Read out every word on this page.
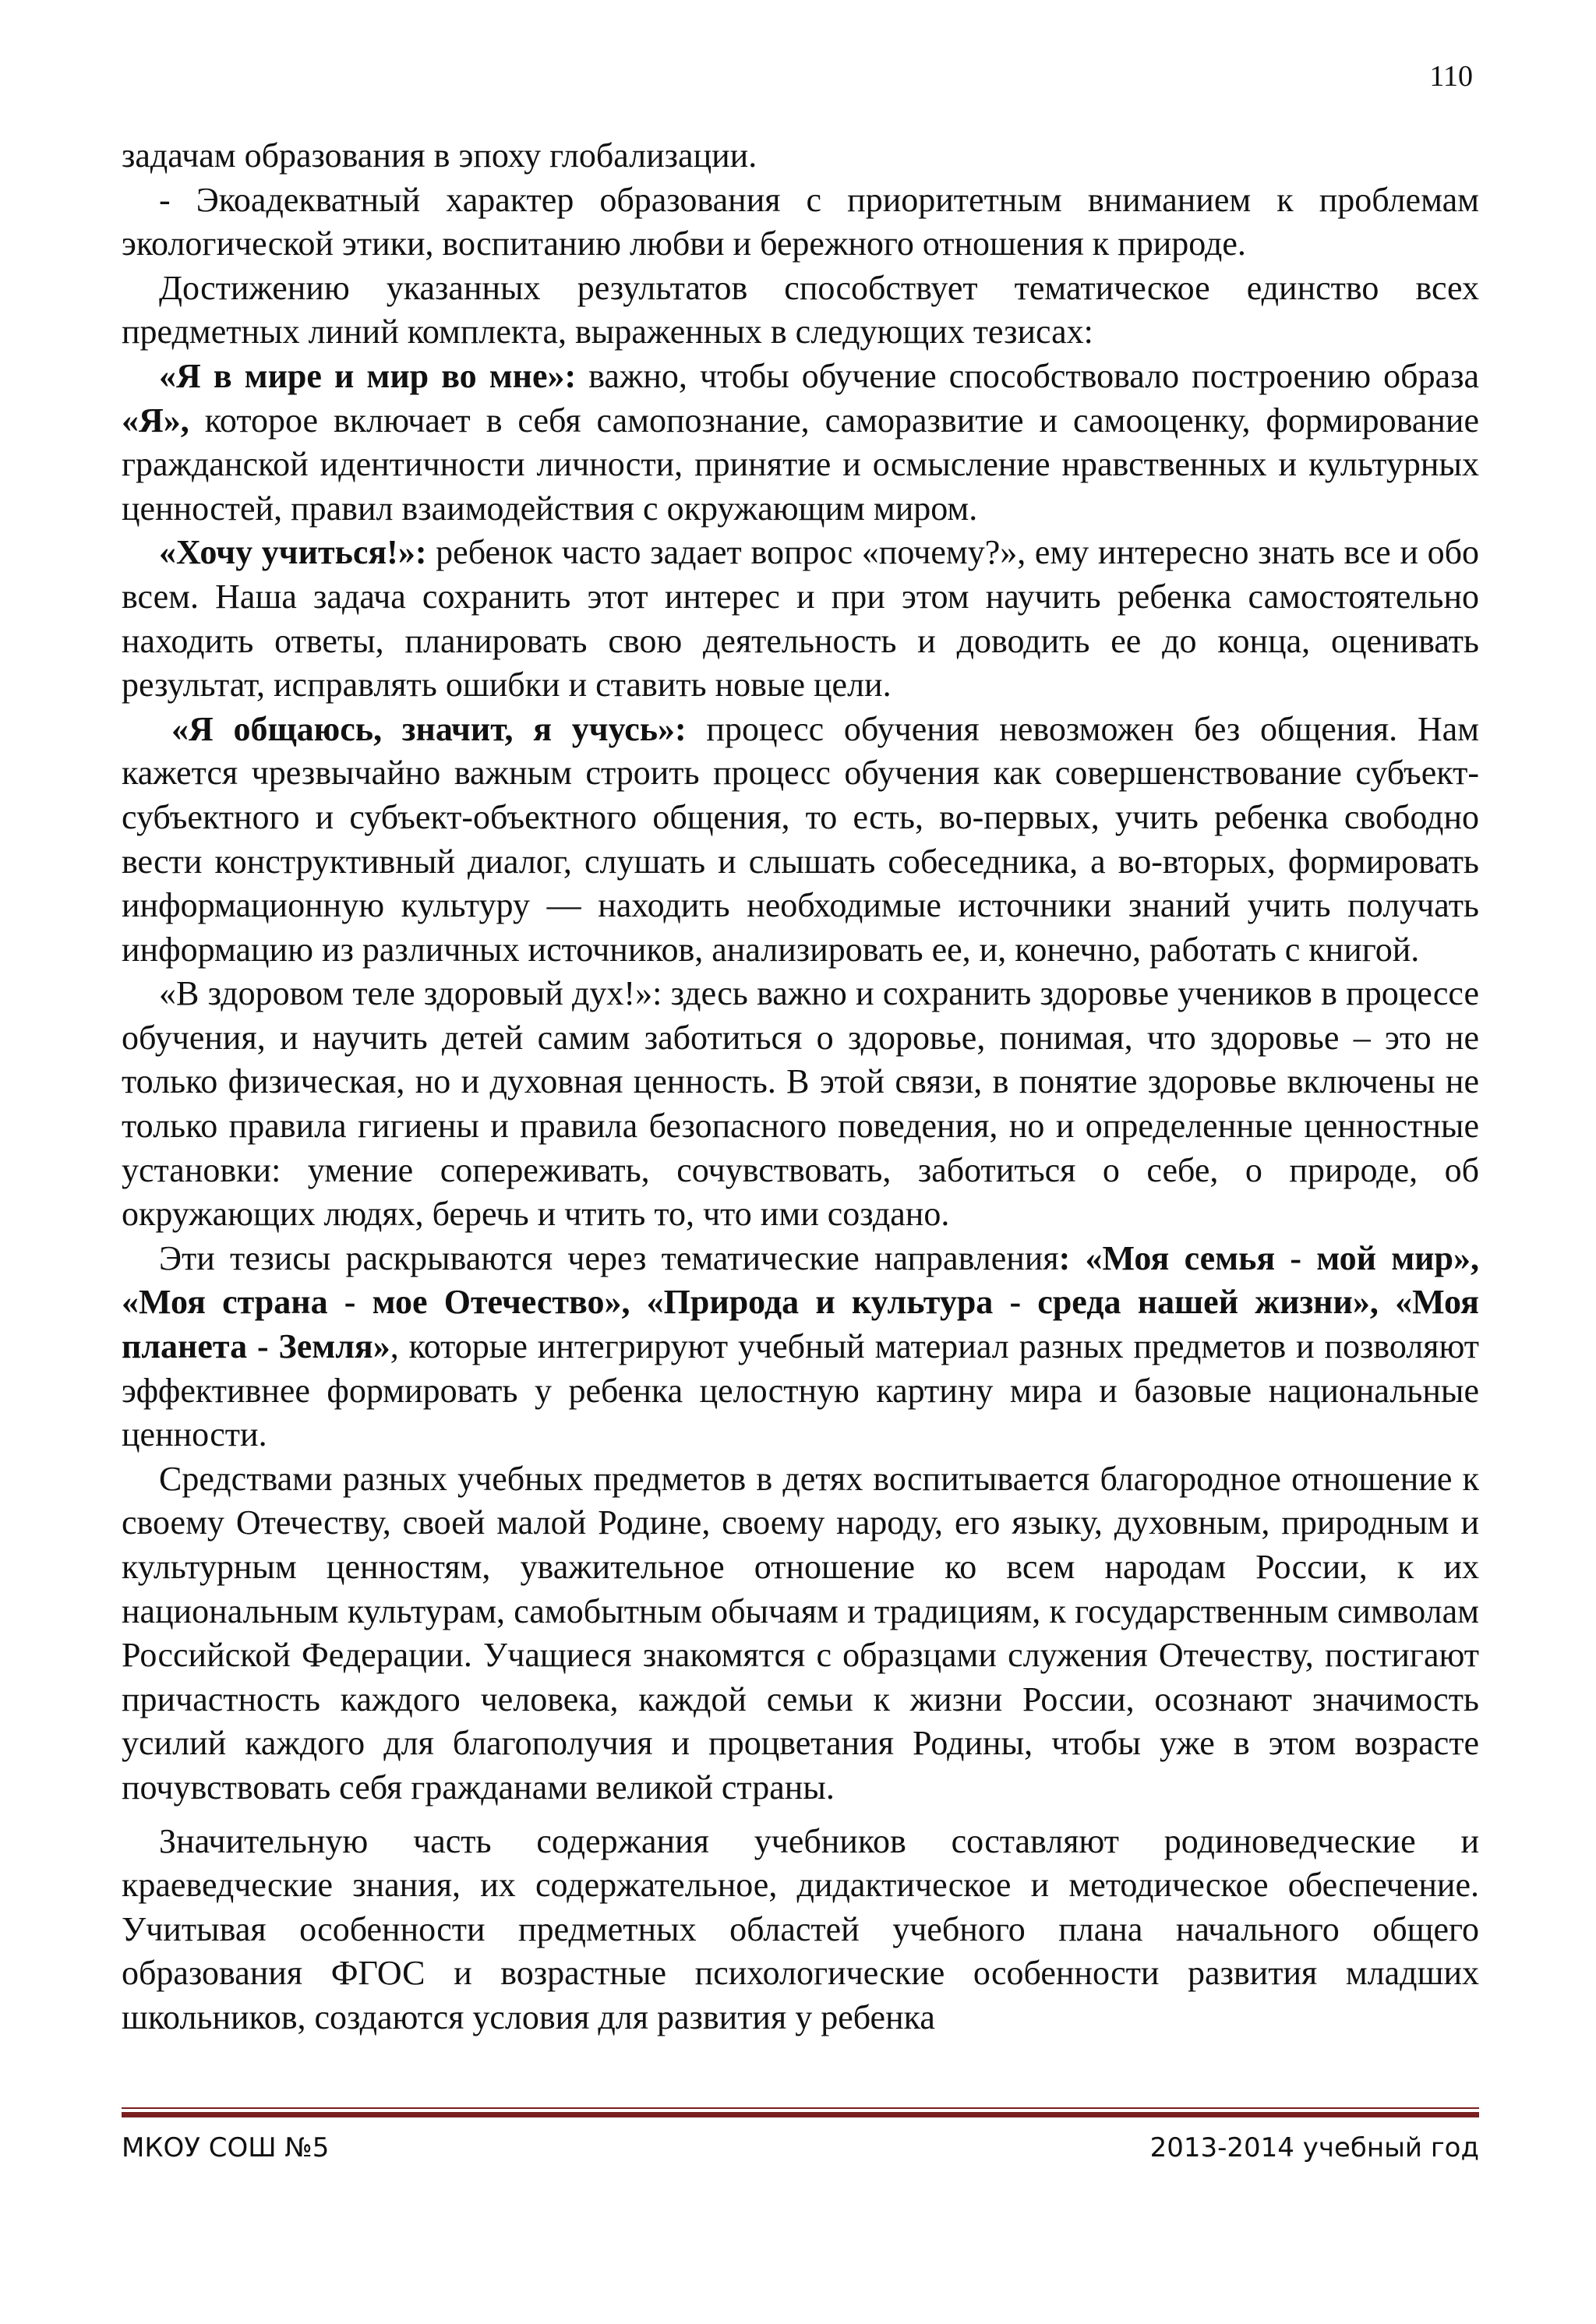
110

задачам образования в эпоху глобализации.

- Экоадекватный характер образования с приоритетным вниманием к проблемам экологической этики, воспитанию любви и бережного отношения к природе.

Достижению указанных результатов способствует тематическое единство всех предметных линий комплекта, выраженных в следующих тезисах:

«Я в мире и мир во мне»: важно, чтобы обучение способствовало построению образа «Я», которое включает в себя самопознание, саморазвитие и самооценку, формирование гражданской идентичности личности, принятие и осмысление нравственных и культурных ценностей, правил взаимодействия с окружающим миром.

«Хочу учиться!»: ребенок часто задает вопрос «почему?», ему интересно знать все и обо всем. Наша задача сохранить этот интерес и при этом научить ребенка самостоятельно находить ответы, планировать свою деятельность и доводить ее до конца, оценивать результат, исправлять ошибки и ставить новые цели.

«Я общаюсь, значит, я учусь»: процесс обучения невозможен без общения. Нам кажется чрезвычайно важным строить процесс обучения как совершенствование субъект-субъектного и субъект-объектного общения, то есть, во-первых, учить ребенка свободно вести конструктивный диалог, слушать и слышать собеседника, а во-вторых, формировать информационную культуру — находить необходимые источники знаний учить получать информацию из различных источников, анализировать ее, и, конечно, работать с книгой.

«В здоровом теле здоровый дух!»: здесь важно и сохранить здоровье учеников в процессе обучения, и научить детей самим заботиться о здоровье, понимая, что здоровье – это не только физическая, но и духовная ценность. В этой связи, в понятие здоровье включены не только правила гигиены и правила безопасного поведения, но и определенные ценностные установки: умение сопереживать, сочувствовать, заботиться о себе, о природе, об окружающих людях, беречь и чтить то, что ими создано.

Эти тезисы раскрываются через тематические направления: «Моя семья - мой мир», «Моя страна - мое Отечество», «Природа и культура - среда нашей жизни», «Моя планета - Земля», которые интегрируют учебный материал разных предметов и позволяют эффективнее формировать у ребенка целостную картину мира и базовые национальные ценности.

Средствами разных учебных предметов в детях воспитывается благородное отношение к своему Отечеству, своей малой Родине, своему народу, его языку, духовным, природным и культурным ценностям, уважительное отношение ко всем народам России, к их национальным культурам, самобытным обычаям и традициям, к государственным символам Российской Федерации. Учащиеся знакомятся с образцами служения Отечеству, постигают причастность каждого человека, каждой семьи к жизни России, осознают значимость усилий каждого для благополучия и процветания Родины, чтобы уже в этом возрасте почувствовать себя гражданами великой страны.

Значительную часть содержания учебников составляют родиноведческие и краеведческие знания, их содержательное, дидактическое и методическое обеспечение. Учитывая особенности предметных областей учебного плана начального общего образования ФГОС и возрастные психологические особенности развития младших школьников, создаются условия для развития у ребенка

МКОУ СОШ №5	2013-2014 учебный год
